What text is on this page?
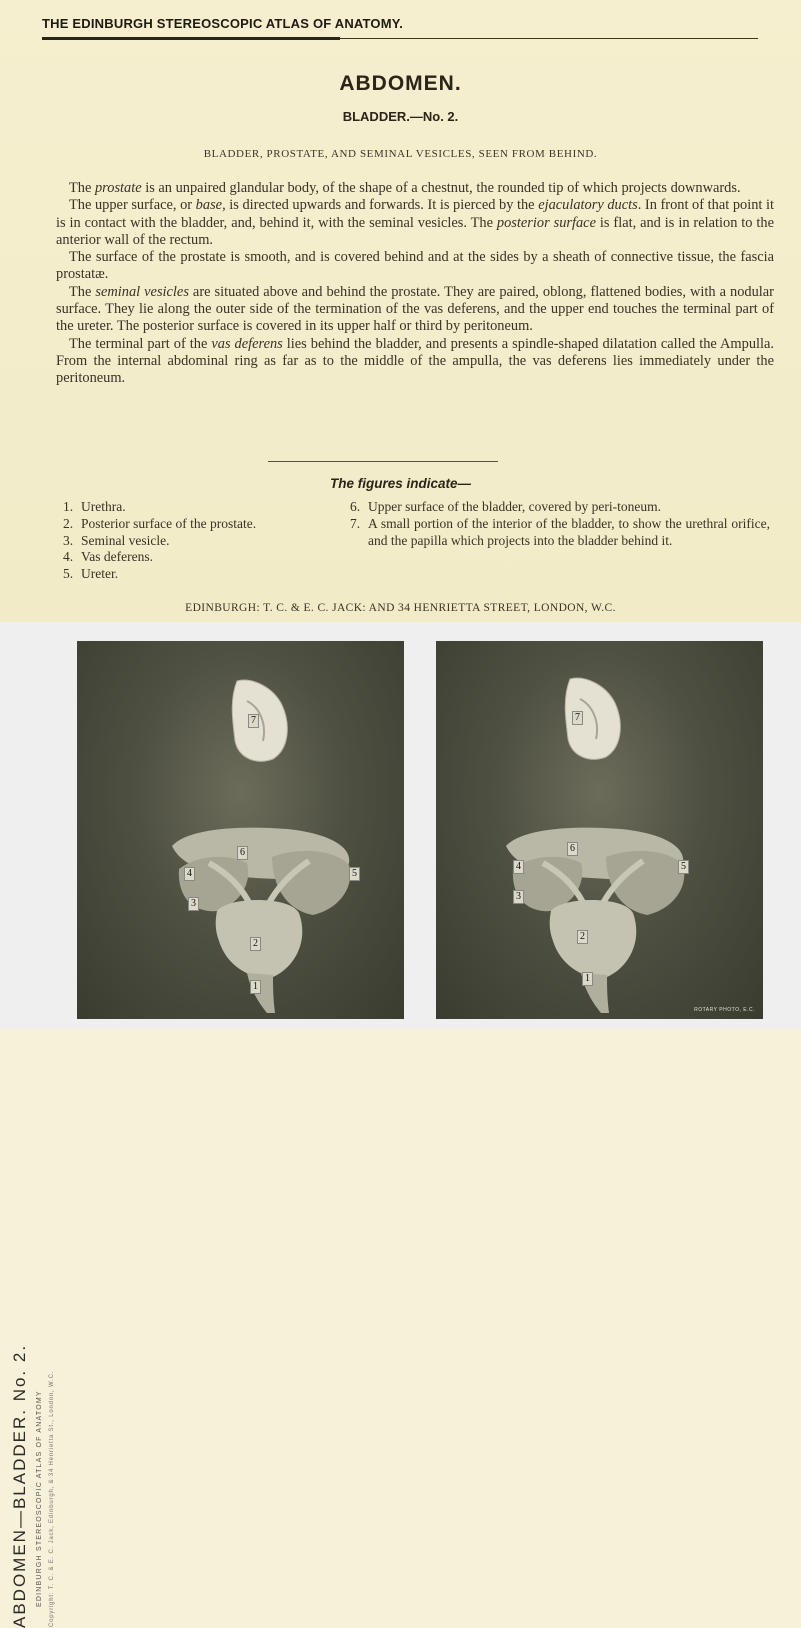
THE EDINBURGH STEREOSCOPIC ATLAS OF ANATOMY.
ABDOMEN.
BLADDER.—No. 2.
BLADDER, PROSTATE, AND SEMINAL VESICLES, SEEN FROM BEHIND.

The prostate is an unpaired glandular body, of the shape of a chestnut, the rounded tip of which projects downwards.

The upper surface, or base, is directed upwards and forwards. It is pierced by the ejaculatory ducts. In front of that point it is in contact with the bladder, and, behind it, with the seminal vesicles. The posterior surface is flat, and is in relation to the anterior wall of the rectum.

The surface of the prostate is smooth, and is covered behind and at the sides by a sheath of connective tissue, the fascia prostatæ.

The seminal vesicles are situated above and behind the prostate. They are paired, oblong, flattened bodies, with a nodular surface. They lie along the outer side of the termination of the vas deferens, and the upper end touches the terminal part of the ureter. The posterior surface is covered in its upper half or third by peritoneum.

The terminal part of the vas deferens lies behind the bladder, and presents a spindle-shaped dilatation called the Ampulla. From the internal abdominal ring as far as to the middle of the ampulla, the vas deferens lies immediately under the peritoneum.

The figures indicate—
1. Urethra.
2. Posterior surface of the prostate.
3. Seminal vesicle.
4. Vas deferens.
5. Ureter.
6. Upper surface of the bladder, covered by peri-toneum.
7. A small portion of the interior of the bladder, to show the urethral orifice, and the papilla which projects into the bladder behind it.
EDINBURGH: T. C. & E. C. JACK: AND 34 HENRIETTA STREET, LONDON, W.C.
ABDOMEN—BLADDER. No. 2. EDINBURGH STEREOSCOPIC ATLAS OF ANATOMY Copyright: T. C. & E. C. Jack, Edinburgh, & 34 Henrietta St., London, W.C.
7
6
4	5
3
2
1
7
6
4	5
3
2
1
ROTARY PHOTO, E.C.
